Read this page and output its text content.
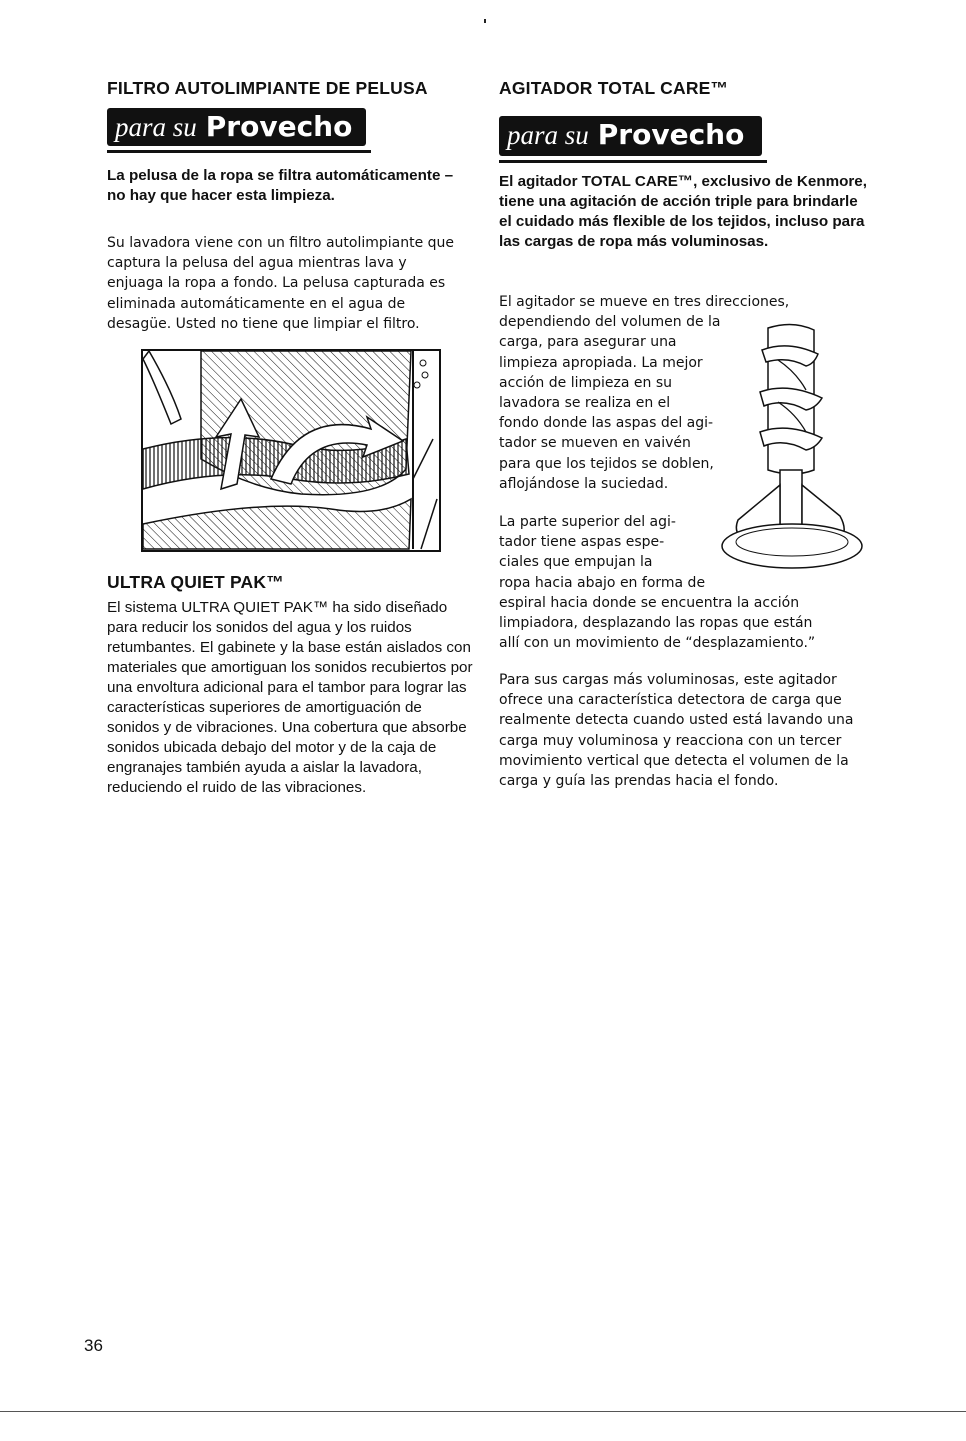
FILTRO AUTOLIMPIANTE DE PELUSA
para su Provecho

La pelusa de la ropa se filtra automáticamente – no hay que hacer esta limpieza.

Su lavadora viene con un filtro autolimpiante que captura la pelusa del agua mientras lava y enjuaga la ropa a fondo. La pelusa capturada es eliminada automáticamente en el agua de desagüe. Usted no tiene que limpiar el filtro.

ULTRA QUIET PAK™

El sistema ULTRA QUIET PAK™ ha sido diseñado para reducir los sonidos del agua y los ruidos retumbantes. El gabinete y la base están aislados con materiales que amortiguan los sonidos recubiertos por una envoltura adicional para el tambor para lograr las características superiores de amortiguación de sonidos y de vibraciones. Una cobertura que absorbe sonidos ubicada debajo del motor y de la caja de engranajes también ayuda a aislar la lavadora, reduciendo el ruido de las vibraciones.

AGITADOR TOTAL CARE™
para su Provecho

El agitador TOTAL CARE™, exclusivo de Kenmore, tiene una agitación de acción triple para brindarle el cuidado más flexible de los tejidos, incluso para las cargas de ropa más voluminosas.

El agitador se mueve en tres direcciones,
dependiendo del volumen de la
carga, para asegurar una
limpieza apropiada. La mejor
acción de limpieza en su
lavadora se realiza en el
fondo donde las aspas del agi-
tador se mueven en vaivén
para que los tejidos se doblen,
aflojándose la suciedad.
La parte superior del agi-
tador tiene aspas espe-
ciales que empujan la
ropa hacia abajo en forma de
espiral hacia donde se encuentra la acción
limpiadora, desplazando las ropas que están
allí con un movimiento de “desplazamiento.”

Para sus cargas más voluminosas, este agitador ofrece una característica detectora de carga que realmente detecta cuando usted está lavando una carga muy voluminosa y reacciona con un tercer movimiento vertical que detecta el volumen de la carga y guía las prendas hacia el fondo.

36
